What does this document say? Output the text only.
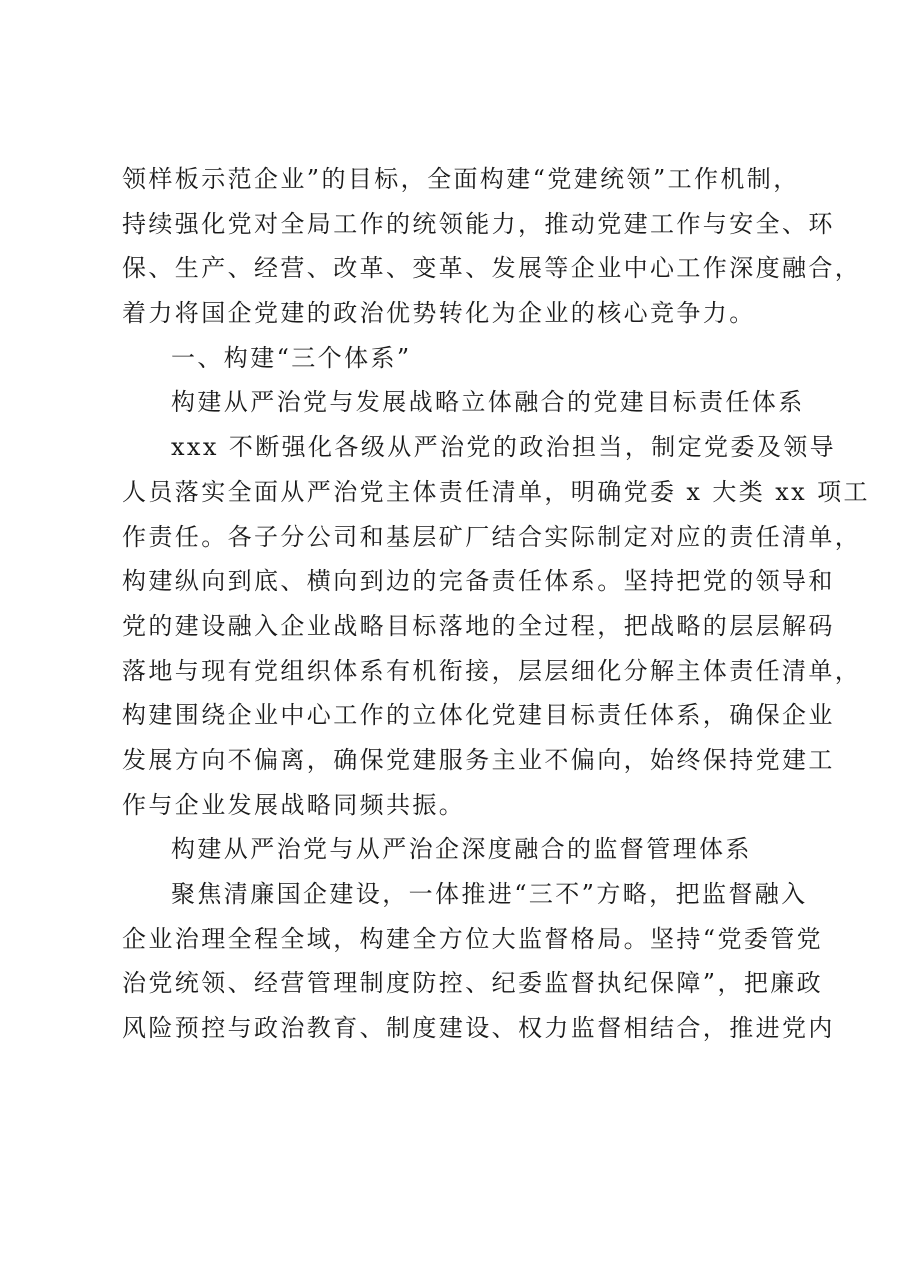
领样板示范企业”的目标，全面构建“党建统领”工作机制，
持续强化党对全局工作的统领能力，推动党建工作与安全、环
保、生产、经营、改革、变革、发展等企业中心工作深度融合，
着力将国企党建的政治优势转化为企业的核心竞争力。
一、构建“三个体系”
构建从严治党与发展战略立体融合的党建目标责任体系
xxx 不断强化各级从严治党的政治担当，制定党委及领导
人员落实全面从严治党主体责任清单，明确党委 x 大类 xx 项工
作责任。各子分公司和基层矿厂结合实际制定对应的责任清单，
构建纵向到底、横向到边的完备责任体系。坚持把党的领导和
党的建设融入企业战略目标落地的全过程，把战略的层层解码
落地与现有党组织体系有机衔接，层层细化分解主体责任清单，
构建围绕企业中心工作的立体化党建目标责任体系，确保企业
发展方向不偏离，确保党建服务主业不偏向，始终保持党建工
作与企业发展战略同频共振。
构建从严治党与从严治企深度融合的监督管理体系
聚焦清廉国企建设，一体推进“三不”方略，把监督融入
企业治理全程全域，构建全方位大监督格局。坚持“党委管党
治党统领、经营管理制度防控、纪委监督执纪保障”，把廉政
风险预控与政治教育、制度建设、权力监督相结合，推进党内
